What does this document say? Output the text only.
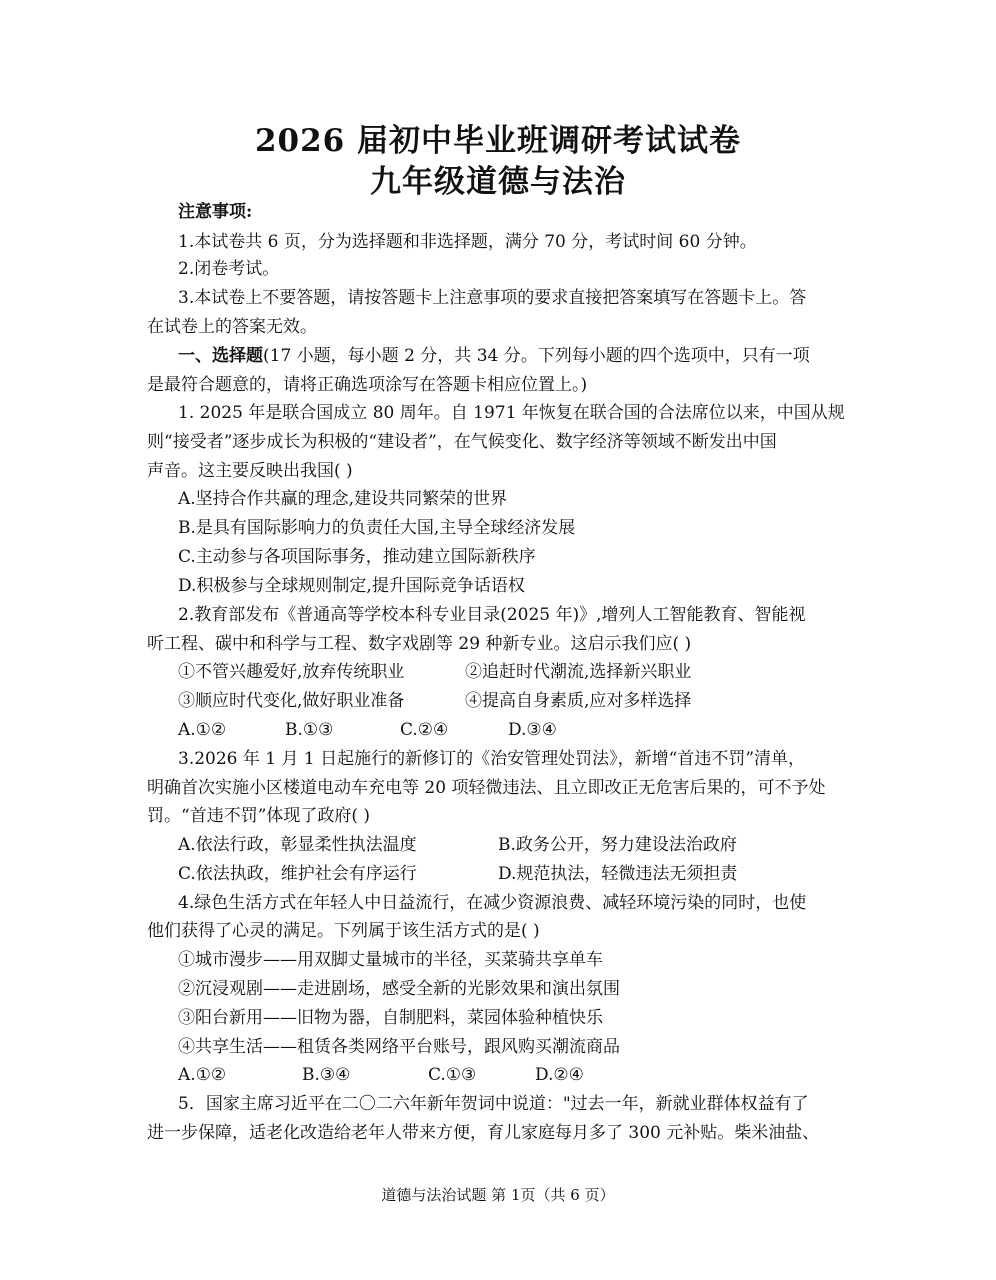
2026 届初中毕业班调研考试试卷
九年级道德与法治
注意事项:
1.本试卷共 6 页，分为选择题和非选择题，满分 70 分，考试时间 60 分钟。
2.闭卷考试。
3.本试卷上不要答题，请按答题卡上注意事项的要求直接把答案填写在答题卡上。答
在试卷上的答案无效。
一、选择题(17 小题，每小题 2 分，共 34 分。下列每小题的四个选项中，只有一项
是最符合题意的，请将正确选项涂写在答题卡相应位置上。)
1. 2025 年是联合国成立 80 周年。自 1971 年恢复在联合国的合法席位以来，中国从规
则“接受者”逐步成长为积极的“建设者”，在气候变化、数字经济等领域不断发出中国
声音。这主要反映出我国( )
A.坚持合作共赢的理念,建设共同繁荣的世界
B.是具有国际影响力的负责任大国,主导全球经济发展
C.主动参与各项国际事务，推动建立国际新秩序
D.积极参与全球规则制定,提升国际竞争话语权
2.教育部发布《普通高等学校本科专业目录(2025 年)》,增列人工智能教育、智能视
听工程、碳中和科学与工程、数字戏剧等 29 种新专业。这启示我们应( )
①不管兴趣爱好,放弃传统职业	②追赶时代潮流,选择新兴职业
③顺应时代变化,做好职业准备	④提高自身素质,应对多样选择
A.①②	B.①③	C.②④	D.③④
3.2026 年 1 月 1 日起施行的新修订的《治安管理处罚法》，新增“首违不罚”清单，
明确首次实施小区楼道电动车充电等 20 项轻微违法、且立即改正无危害后果的，可不予处
罚。“首违不罚”体现了政府( )
A.依法行政，彰显柔性执法温度	B.政务公开，努力建设法治政府
C.依法执政，维护社会有序运行	D.规范执法，轻微违法无须担责
4.绿色生活方式在年轻人中日益流行，在减少资源浪费、减轻环境污染的同时，也使
他们获得了心灵的满足。下列属于该生活方式的是( )
①城市漫步——用双脚丈量城市的半径，买菜骑共享单车
②沉浸观剧——走进剧场，感受全新的光影效果和演出氛围
③阳台新用——旧物为器，自制肥料，菜园体验种植快乐
④共享生活——租赁各类网络平台账号，跟风购买潮流商品
A.①②	B.③④	C.①③	D.②④
5．国家主席习近平在二〇二六年新年贺词中说道："过去一年，新就业群体权益有了
进一步保障，适老化改造给老年人带来方便，育儿家庭每月多了 300 元补贴。柴米油盐、
道德与法治试题 第 1页（共 6 页）
